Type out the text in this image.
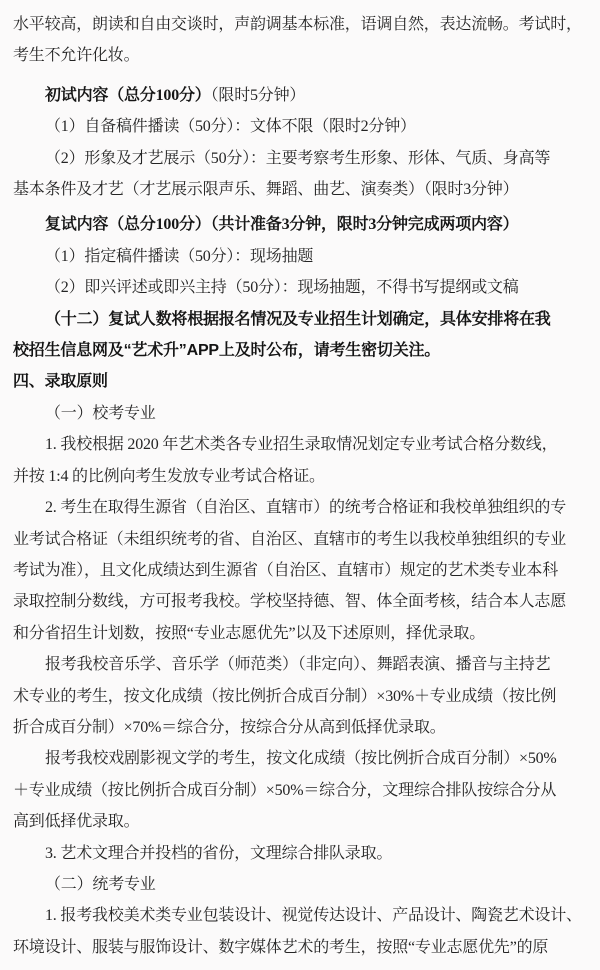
水平较高，朗读和自由交谈时，声韵调基本标准，语调自然，表达流畅。考试时，
考生不允许化妆。
初试内容（总分100分）（限时5分钟）
（1）自备稿件播读（50分）：文体不限（限时2分钟）
（2）形象及才艺展示（50分）：主要考察考生形象、形体、气质、身高等
基本条件及才艺（才艺展示限声乐、舞蹈、曲艺、演奏类）（限时3分钟）
复试内容（总分100分）（共计准备3分钟，限时3分钟完成两项内容）
（1）指定稿件播读（50分）：现场抽题
（2）即兴评述或即兴主持（50分）：现场抽题，不得书写提纲或文稿
（十二）复试人数将根据报名情况及专业招生计划确定，具体安排将在我
校招生信息网及“艺术升”APP上及时公布，请考生密切关注。
四、录取原则
（一）校考专业
1. 我校根据 2020 年艺术类各专业招生录取情况划定专业考试合格分数线，
并按 1:4 的比例向考生发放专业考试合格证。
2. 考生在取得生源省（自治区、直辖市）的统考合格证和我校单独组织的专
业考试合格证（未组织统考的省、自治区、直辖市的考生以我校单独组织的专业
考试为准），且文化成绩达到生源省（自治区、直辖市）规定的艺术类专业本科
录取控制分数线，方可报考我校。学校坚持德、智、体全面考核，结合本人志愿
和分省招生计划数，按照“专业志愿优先”以及下述原则，择优录取。
报考我校音乐学、音乐学（师范类）（非定向）、舞蹈表演、播音与主持艺
术专业的考生，按文化成绩（按比例折合成百分制）×30%＋专业成绩（按比例
折合成百分制）×70%＝综合分，按综合分从高到低择优录取。
报考我校戏剧影视文学的考生，按文化成绩（按比例折合成百分制）×50%
＋专业成绩（按比例折合成百分制）×50%＝综合分，文理综合排队按综合分从
高到低择优录取。
3. 艺术文理合并投档的省份，文理综合排队录取。
（二）统考专业
1. 报考我校美术类专业包装设计、视觉传达设计、产品设计、陶瓷艺术设计、
环境设计、服装与服饰设计、数字媒体艺术的考生，按照“专业志愿优先”的原
